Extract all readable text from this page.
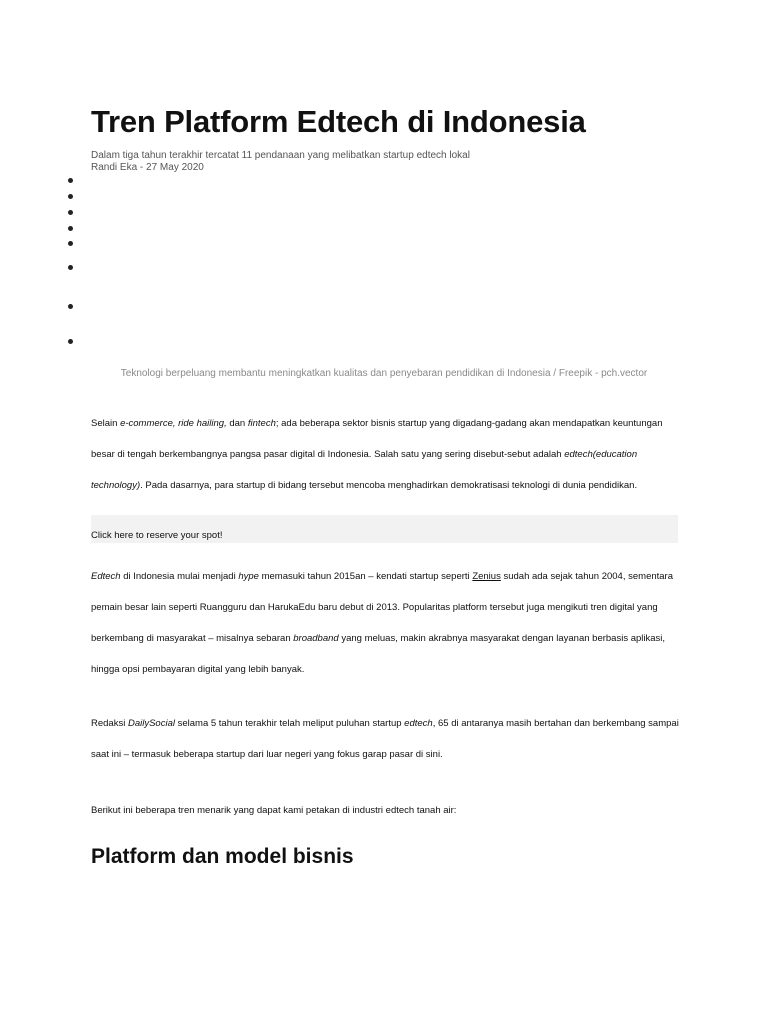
Tren Platform Edtech di Indonesia
Dalam tiga tahun terakhir tercatat 11 pendanaan yang melibatkan startup edtech lokal
Randi Eka - 27 May 2020
Teknologi berpeluang membantu meningkatkan kualitas dan penyebaran pendidikan di Indonesia / Freepik - pch.vector

Selain e-commerce, ride hailing, dan fintech; ada beberapa sektor bisnis startup yang digadang-gadang akan mendapatkan keuntungan besar di tengah berkembangnya pangsa pasar digital di Indonesia. Salah satu yang sering disebut-sebut adalah edtech(education technology). Pada dasarnya, para startup di bidang tersebut mencoba menghadirkan demokratisasi teknologi di dunia pendidikan.

Click here to reserve your spot!

Edtech di Indonesia mulai menjadi hype memasuki tahun 2015an – kendati startup seperti Zenius sudah ada sejak tahun 2004, sementara pemain besar lain seperti Ruangguru dan HarukaEdu baru debut di 2013. Popularitas platform tersebut juga mengikuti tren digital yang berkembang di masyarakat – misalnya sebaran broadband yang meluas, makin akrabnya masyarakat dengan layanan berbasis aplikasi, hingga opsi pembayaran digital yang lebih banyak.

Redaksi DailySocial selama 5 tahun terakhir telah meliput puluhan startup edtech, 65 di antaranya masih bertahan dan berkembang sampai saat ini – termasuk beberapa startup dari luar negeri yang fokus garap pasar di sini.

Berikut ini beberapa tren menarik yang dapat kami petakan di industri edtech tanah air:

Platform dan model bisnis
